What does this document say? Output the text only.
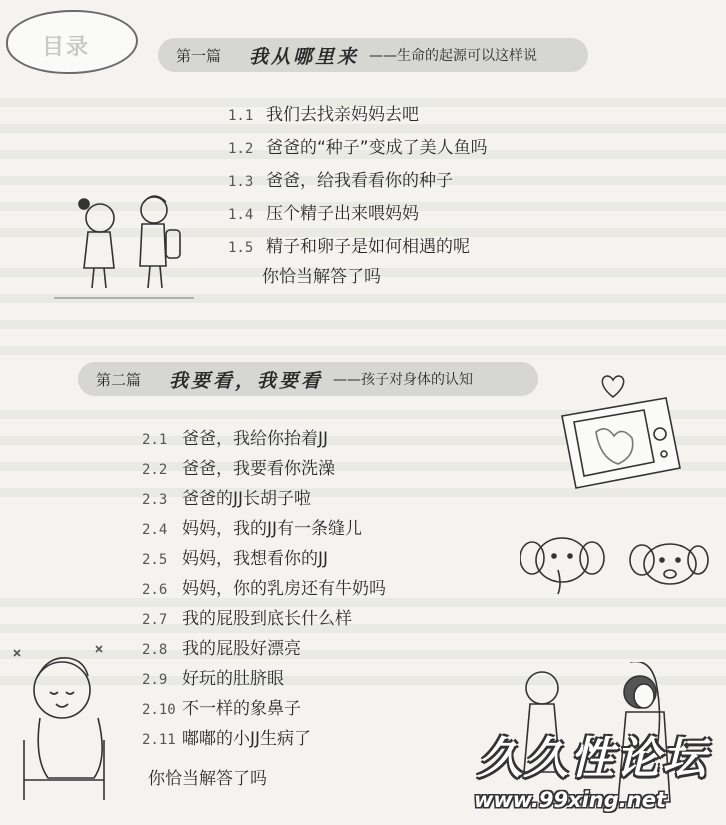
目录	第一篇 我从哪里来 ——生命的起源可以这样说
1.1 我们去找亲妈妈去吧
1.2 爸爸的“种子”变成了美人鱼吗
1.3 爸爸，给我看看你的种子
1.4 压个精子出来喂妈妈
1.5 精子和卵子是如何相遇的呢
你恰当解答了吗
第二篇 我要看，我要看 ——孩子对身体的认知
2.1 爸爸，我给你抬着JJ
2.2 爸爸，我要看你洗澡
2.3 爸爸的JJ长胡子啦
2.4 妈妈，我的JJ有一条缝儿
2.5 妈妈，我想看你的JJ
2.6 妈妈，你的乳房还有牛奶吗
2.7 我的屁股到底长什么样
2.8 我的屁股好漂亮
2.9 好玩的肚脐眼
2.10 不一样的象鼻子
2.11 嘟嘟的小JJ生病了
你恰当解答了吗	久久性论坛
www.99xing.net
